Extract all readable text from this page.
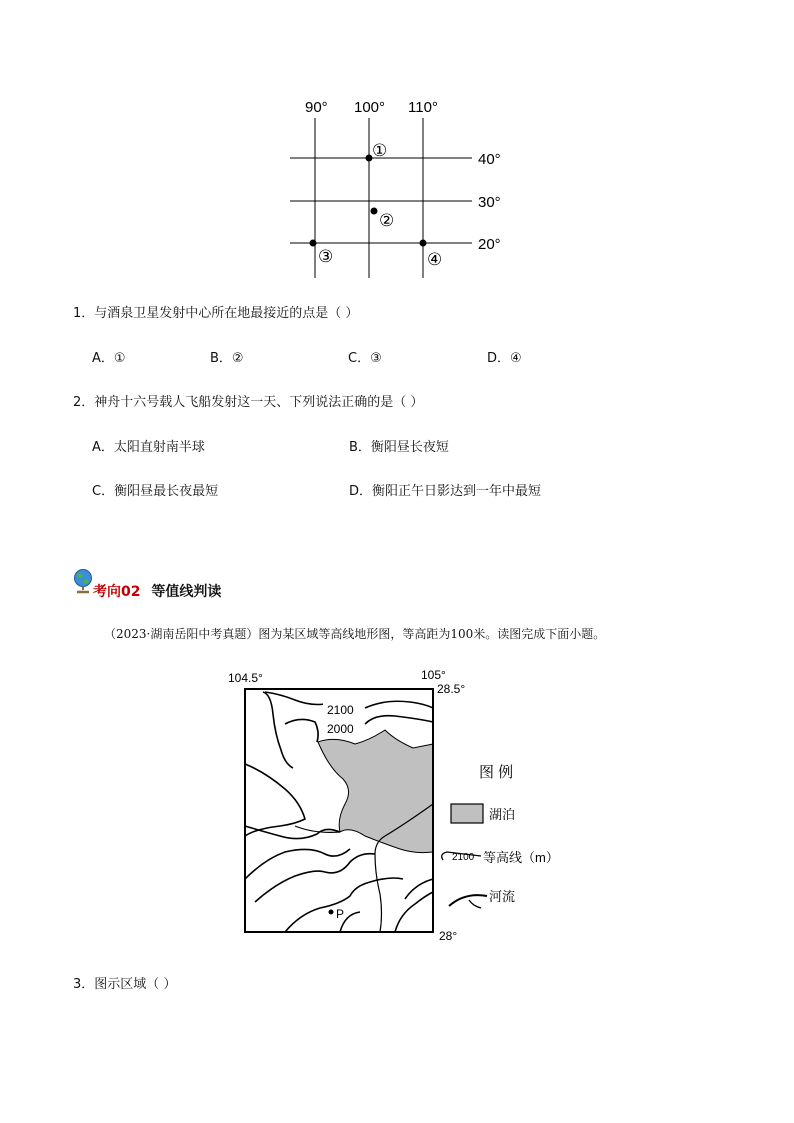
90° 100° 110°
40°
30°
20°
①
②
③	④
1．与酒泉卫星发射中心所在地最接近的点是（ ）
A．①	B．②	C．③	D．④
2．神舟十六号载人飞船发射这一天、下列说法正确的是（ ）
A．太阳直射南半球	B．衡阳昼长夜短
C．衡阳昼最长夜最短	D．衡阳正午日影达到一年中最短
考向02 等值线判读
（2023·湖南岳阳中考真题）图为某区域等高线地形图，等高距为100米。读图完成下面小题。
104.5°	105°
28.5°
28°
2100
2000
P
图 例
湖泊
2100 等高线（m）
河流
3．图示区域（ ）
